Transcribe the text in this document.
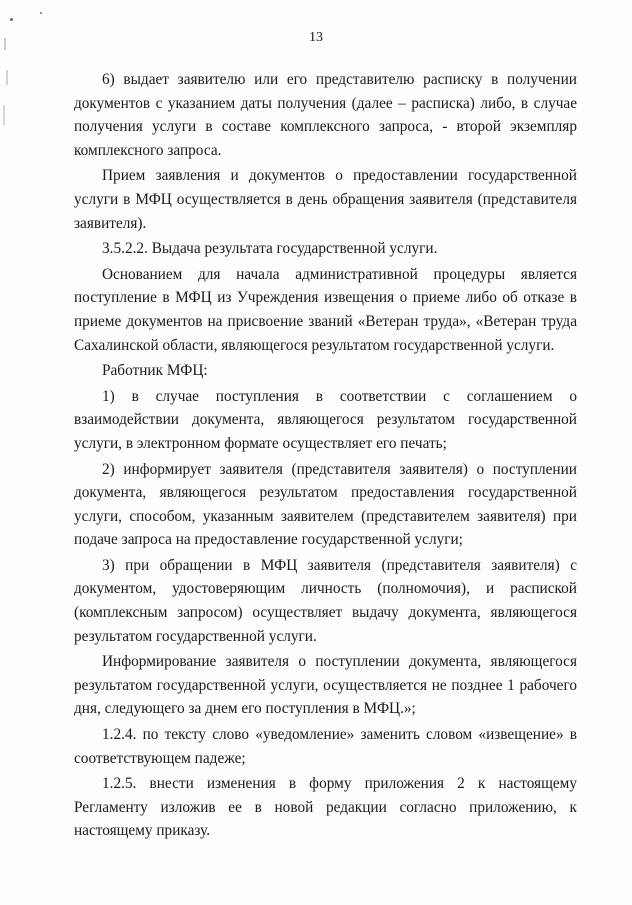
13

6) выдает заявителю или его представителю расписку в получении документов с указанием даты получения (далее – расписка) либо, в случае получения услуги в составе комплексного запроса, - второй экземпляр комплексного запроса.

Прием заявления и документов о предоставлении государственной услуги в МФЦ осуществляется в день обращения заявителя (представителя заявителя).

3.5.2.2. Выдача результата государственной услуги.

Основанием для начала административной процедуры является поступление в МФЦ из Учреждения извещения о приеме либо об отказе в приеме документов на присвоение званий «Ветеран труда», «Ветеран труда Сахалинской области, являющегося результатом государственной услуги.

Работник МФЦ:

1) в случае поступления в соответствии с соглашением о взаимодействии документа, являющегося результатом государственной услуги, в электронном формате осуществляет его печать;

2) информирует заявителя (представителя заявителя) о поступлении документа, являющегося результатом предоставления государственной услуги, способом, указанным заявителем (представителем заявителя) при подаче запроса на предоставление государственной услуги;

3) при обращении в МФЦ заявителя (представителя заявителя) с документом, удостоверяющим личность (полномочия), и распиской (комплексным запросом) осуществляет выдачу документа, являющегося результатом государственной услуги.

Информирование заявителя о поступлении документа, являющегося результатом государственной услуги, осуществляется не позднее 1 рабочего дня, следующего за днем его поступления в МФЦ.»;

1.2.4. по тексту слово «уведомление» заменить словом «извещение» в соответствующем падеже;

1.2.5. внести изменения в форму приложения 2 к настоящему Регламенту изложив ее в новой редакции согласно приложению, к настоящему приказу.
